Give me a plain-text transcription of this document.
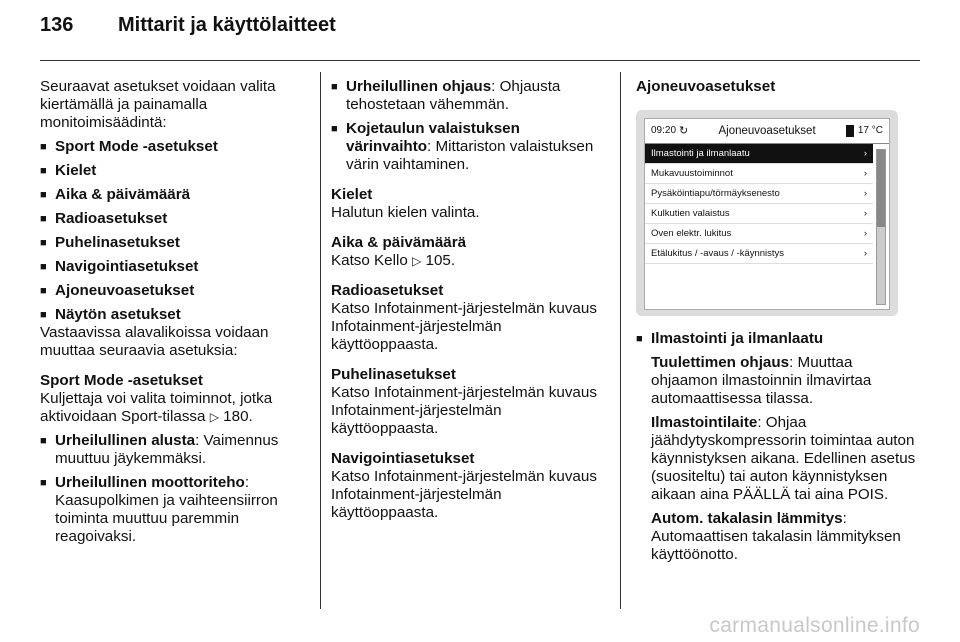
136 Mittarit ja käyttölaitteet

Seuraavat asetukset voidaan valita kiertämällä ja painamalla monitoimisäädintä:

■ Sport Mode -asetukset
■ Kielet
■ Aika & päivämäärä
■ Radioasetukset
■ Puhelinasetukset
■ Navigointiasetukset
■ Ajoneuvoasetukset
■ Näytön asetukset

Vastaavissa alavalikoissa voidaan muuttaa seuraavia asetuksia:

Sport Mode -asetukset

Kuljettaja voi valita toiminnot, jotka aktivoidaan Sport-tilassa ▷ 180.

■ Urheilullinen alusta: Vaimennus muuttuu jäykemmäksi.
■ Urheilullinen moottoriteho: Kaasupolkimen ja vaihteensiirron toiminta muuttuu paremmin reagoivaksi.
■ Urheilullinen ohjaus: Ohjausta tehostetaan vähemmän.
■ Kojetaulun valaistuksen värinvaihto: Mittariston valaistuksen värin vaihtaminen.

Kielet

Halutun kielen valinta.

Aika & päivämäärä

Katso Kello ▷ 105.

Radioasetukset

Katso Infotainment-järjestelmän kuvaus Infotainment-järjestelmän käyttöoppaasta.

Puhelinasetukset

Katso Infotainment-järjestelmän kuvaus Infotainment-järjestelmän käyttöoppaasta.

Navigointiasetukset

Katso Infotainment-järjestelmän kuvaus Infotainment-järjestelmän käyttöoppaasta.

Ajoneuvoasetukset

09:20 ↻	Ajoneuvoasetukset	17 °C
Ilmastointi ja ilmanlaatu	›
Mukavuustoiminnot	›
Pysäköintiapu/törmäyksenesto	›
Kulkutien valaistus	›
Oven elektr. lukitus	›
Etälukitus / -avaus / -käynnistys	›
■ Ilmastointi ja ilmanlaatu
Tuulettimen ohjaus: Muuttaa ohjaamon ilmastoinnin ilmavirtaa automaattisessa tilassa.
Ilmastointilaite: Ohjaa jäähdytyskompressorin toimintaa auton käynnistyksen aikana. Edellinen asetus (suositeltu) tai auton käynnistyksen aikaan aina PÄÄLLÄ tai aina POIS.
Autom. takalasin lämmitys: Automaattisen takalasin lämmityksen käyttöönotto.
carmanualsonline.info
